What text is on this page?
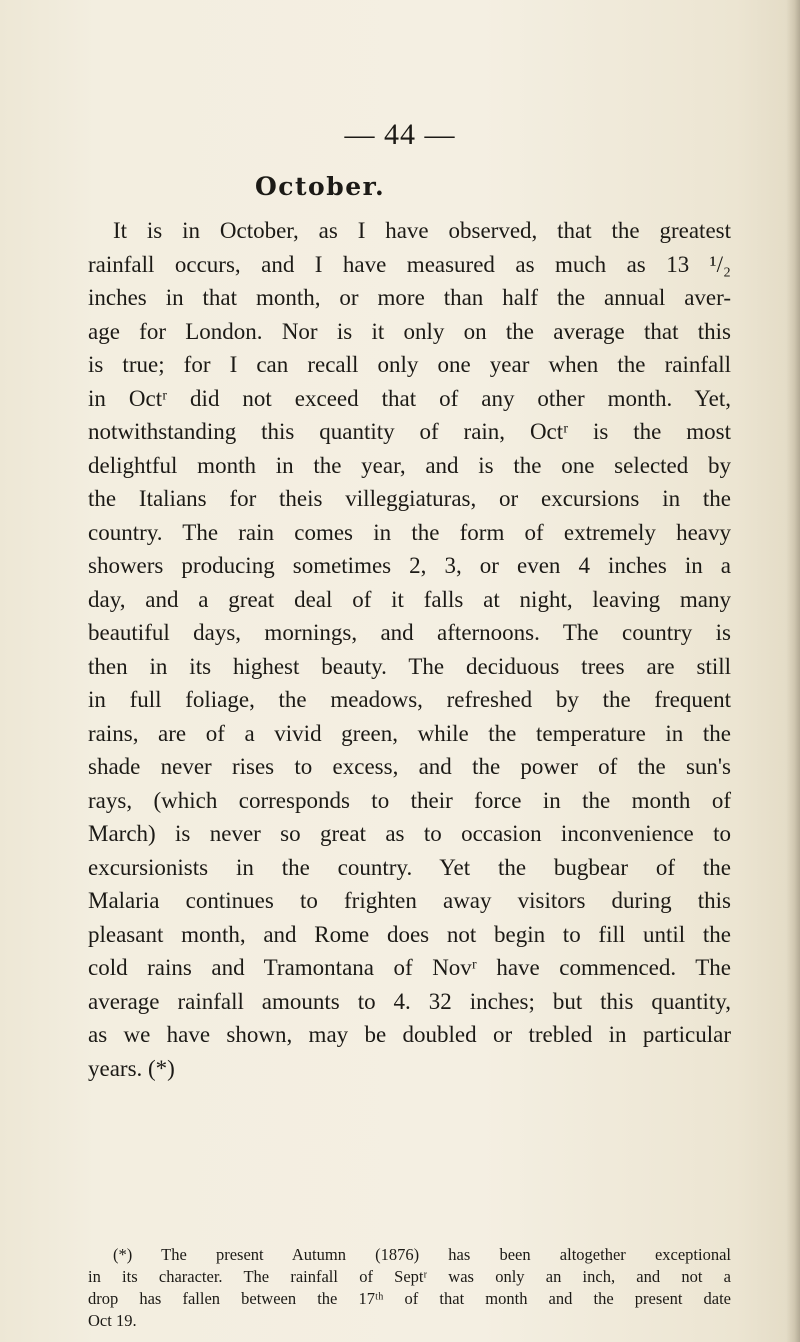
— 44 —
October.
It is in October, as I have observed, that the greatest
rainfall occurs, and I have measured as much as 13 ¹/₂
inches in that month, or more than half the annual aver-
age for London. Nor is it only on the average that this
is true; for I can recall only one year when the rainfall
in Octʳ did not exceed that of any other month. Yet,
notwithstanding this quantity of rain, Octʳ is the most
delightful month in the year, and is the one selected by
the Italians for theis villeggiaturas, or excursions in the
country. The rain comes in the form of extremely heavy
showers producing sometimes 2, 3, or even 4 inches in a
day, and a great deal of it falls at night, leaving many
beautiful days, mornings, and afternoons. The country is
then in its highest beauty. The deciduous trees are still
in full foliage, the meadows, refreshed by the frequent
rains, are of a vivid green, while the temperature in the
shade never rises to excess, and the power of the sun's
rays, (which corresponds to their force in the month of
March) is never so great as to occasion inconvenience to
excursionists in the country. Yet the bugbear of the
Malaria continues to frighten away visitors during this
pleasant month, and Rome does not begin to fill until the
cold rains and Tramontana of Novʳ have commenced. The
average rainfall amounts to 4. 32 inches; but this quantity,
as we have shown, may be doubled or trebled in particular
years. (*)
(*) The present Autumn (1876) has been altogether exceptional
in its character. The rainfall of Septʳ was only an inch, and not a
drop has fallen between the 17ᵗʰ of that month and the present date
Oct 19.
